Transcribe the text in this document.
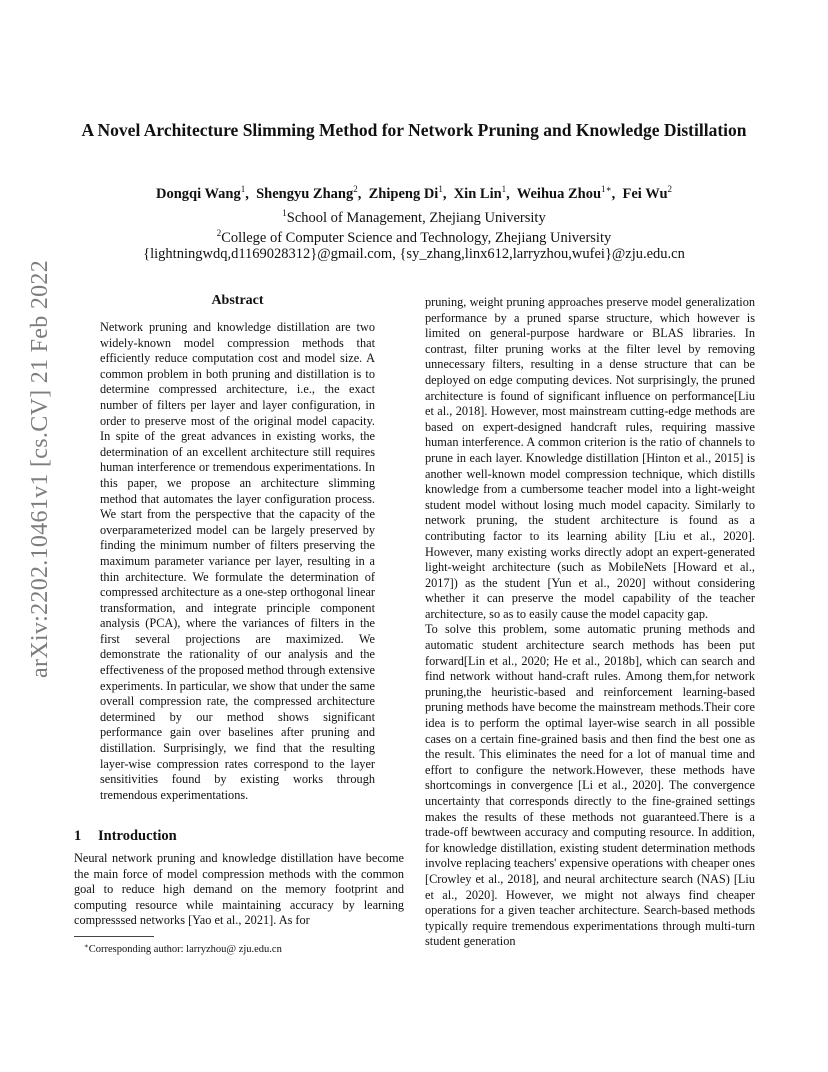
arXiv:2202.10461v1 [cs.CV] 21 Feb 2022
A Novel Architecture Slimming Method for Network Pruning and Knowledge Distillation
Dongqi Wang$^1$,  Shengyu Zhang$^2$,  Zhipeng Di$^1$,  Xin Lin$^1$,  Weihua Zhou$^{1∗}$,  Fei Wu$^2$
$^1$School of Management, Zhejiang University
$^2$College of Computer Science and Technology, Zhejiang University
{lightningwdq,d1169028312}@gmail.com, {sy_zhang,linx612,larryzhou,wufei}@zju.edu.cn
Abstract

Network pruning and knowledge distillation are two widely-known model compression methods that efficiently reduce computation cost and model size. A common problem in both pruning and distillation is to determine compressed architecture, i.e., the exact number of filters per layer and layer configuration, in order to preserve most of the original model capacity. In spite of the great advances in existing works, the determination of an excellent architecture still requires human interference or tremendous experimentations. In this paper, we propose an architecture slimming method that automates the layer configuration process. We start from the perspective that the capacity of the overparameterized model can be largely preserved by finding the minimum number of filters preserving the maximum parameter variance per layer, resulting in a thin architecture. We formulate the determination of compressed architecture as a one-step orthogonal linear transformation, and integrate principle component analysis (PCA), where the variances of filters in the first several projections are maximized. We demonstrate the rationality of our analysis and the effectiveness of the proposed method through extensive experiments. In particular, we show that under the same overall compression rate, the compressed architecture determined by our method shows significant performance gain over baselines after pruning and distillation. Surprisingly, we find that the resulting layer-wise compression rates correspond to the layer sensitivities found by existing works through tremendous experimentations.

1 Introduction

Neural network pruning and knowledge distillation have become the main force of model compression methods with the common goal to reduce high demand on the memory footprint and computing resource while maintaining accuracy by learning compresssed networks [Yao et al., 2021]. As for

∗Corresponding author: larryzhou@ zju.edu.cn

pruning, weight pruning approaches preserve model generalization performance by a pruned sparse structure, which however is limited on general-purpose hardware or BLAS libraries. In contrast, filter pruning works at the filter level by removing unnecessary filters, resulting in a dense structure that can be deployed on edge computing devices. Not surprisingly, the pruned architecture is found of significant influence on performance[Liu et al., 2018]. However, most mainstream cutting-edge methods are based on expert-designed handcraft rules, requiring massive human interference. A common criterion is the ratio of channels to prune in each layer. Knowledge distillation [Hinton et al., 2015] is another well-known model compression technique, which distills knowledge from a cumbersome teacher model into a light-weight student model without losing much model capacity. Similarly to network pruning, the student architecture is found as a contributing factor to its learning ability [Liu et al., 2020]. However, many existing works directly adopt an expert-generated light-weight architecture (such as MobileNets [Howard et al., 2017]) as the student [Yun et al., 2020] without considering whether it can preserve the model capability of the teacher architecture, so as to easily cause the model capacity gap.

To solve this problem, some automatic pruning methods and automatic student architecture search methods has been put forward[Lin et al., 2020; He et al., 2018b], which can search and find network without hand-craft rules. Among them,for network pruning,the heuristic-based and reinforcement learning-based pruning methods have become the mainstream methods.Their core idea is to perform the optimal layer-wise search in all possible cases on a certain fine-grained basis and then find the best one as the result. This eliminates the need for a lot of manual time and effort to configure the network.However, these methods have shortcomings in convergence [Li et al., 2020]. The convergence uncertainty that corresponds directly to the fine-grained settings makes the results of these methods not guaranteed.There is a trade-off bewtween accuracy and computing resource. In addition, for knowledge distillation, existing student determination methods involve replacing teachers' expensive operations with cheaper ones [Crowley et al., 2018], and neural architecture search (NAS) [Liu et al., 2020]. However, we might not always find cheaper operations for a given teacher architecture. Search-based methods typically require tremendous experimentations through multi-turn student generation
